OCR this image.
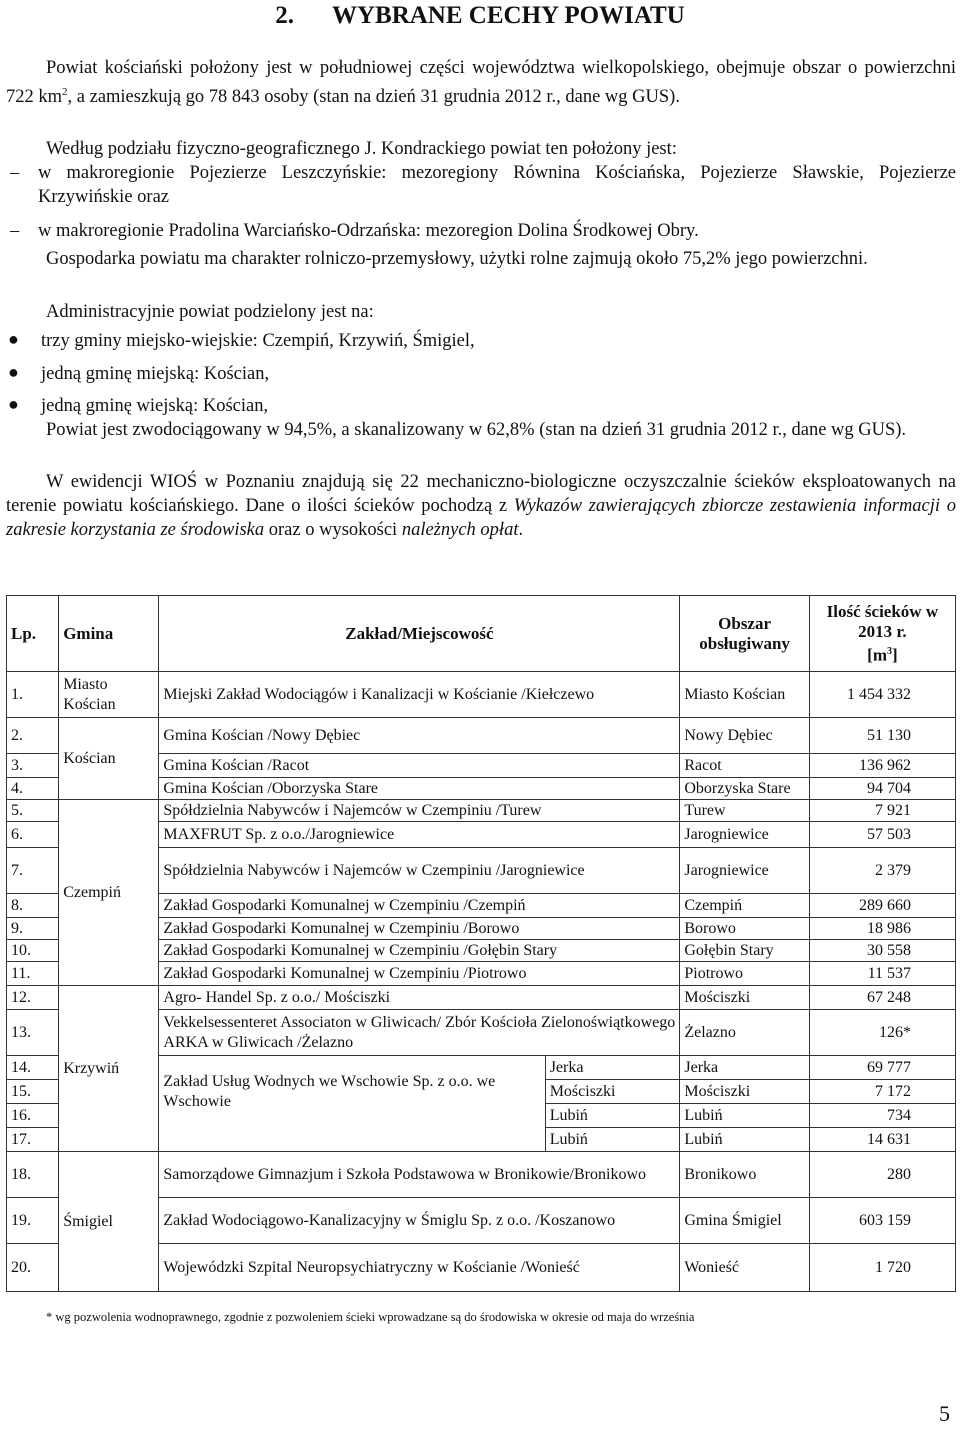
2. WYBRANE CECHY POWIATU
Powiat kościański położony jest w południowej części województwa wielkopolskiego, obejmuje obszar o powierzchni 722 $km^2$, a zamieszkują go 78 843 osoby (stan na dzień 31 grudnia 2012 r., dane wg GUS).
Według podziału fizyczno-geograficznego J. Kondrackiego powiat ten położony jest:
–	w makroregionie Pojezierze Leszczyńskie: mezoregiony Równina Kościańska, Pojezierze Sławskie, Pojezierze Krzywińskie oraz
–	w makroregionie Pradolina Warciańsko-Odrzańska: mezoregion Dolina Środkowej Obry.
Gospodarka powiatu ma charakter rolniczo-przemysłowy, użytki rolne zajmują około 75,2% jego powierzchni.
Administracyjnie powiat podzielony jest na:
● trzy gminy miejsko-wiejskie: Czempiń, Krzywiń, Śmigiel,
● jedną gminę miejską: Kościan,
● jedną gminę wiejską: Kościan,
Powiat jest zwodociągowany w 94,5%, a skanalizowany w 62,8% (stan na dzień 31 grudnia 2012 r., dane wg GUS).
W ewidencji WIOŚ w Poznaniu znajdują się 22 mechaniczno-biologiczne oczyszczalnie ścieków eksploatowanych na terenie powiatu kościańskiego. Dane o ilości ścieków pochodzą z Wykazów zawierających zbiorcze zestawienia informacji o zakresie korzystania ze środowiska oraz o wysokości należnych opłat.
Lp.	Gmina	Zakład/Miejscowość		Obszar obsługiwany	Ilość ścieków w 2013 r.
$[m^3]$
1.	Miasto Kościan	Miejski Zakład Wodociągów i Kanalizacji w Kościanie /Kiełczewo		Miasto Kościan	1 454 332
2.	Kościan	Gmina Kościan /Nowy Dębiec		Nowy Dębiec	51 130
3.		Gmina Kościan /Racot		Racot	136 962
4.		Gmina Kościan /Oborzyska Stare		Oborzyska Stare	94 704
5.	Czempiń	Spółdzielnia Nabywców i Najemców w Czempiniu /Turew		Turew	7 921
6.		MAXFRUT Sp. z o.o./Jarogniewice		Jarogniewice	57 503
7.		Spółdzielnia Nabywców i Najemców w Czempiniu /Jarogniewice		Jarogniewice	2 379
8.		Zakład Gospodarki Komunalnej w Czempiniu /Czempiń		Czempiń	289 660
9.		Zakład Gospodarki Komunalnej w Czempiniu /Borowo		Borowo	18 986
10.		Zakład Gospodarki Komunalnej w Czempiniu /Gołębin Stary		Gołębin Stary	30 558
11.		Zakład Gospodarki Komunalnej w Czempiniu /Piotrowo		Piotrowo	11 537
12.	Krzywiń	Agro- Handel Sp. z o.o./ Mościszki		Mościszki	67 248
13.		Vekkelsessenteret Associaton w Gliwicach/ Zbór Kościoła Zielonoświątkowego ARKA w Gliwicach /Żelazno		Żelazno	126*
14.		Zakład Usług Wodnych we Wschowie Sp. z o.o. we Wschowie	Jerka	Jerka	69 777
15.			Mościszki	Mościszki	7 172
16.			Lubiń	Lubiń	734
17.			Lubiń	Lubiń	14 631
18.	Śmigiel	Samorządowe Gimnazjum i Szkoła Podstawowa w Bronikowie/Bronikowo		Bronikowo	280
19.		Zakład Wodociągowo-Kanalizacyjny w Śmiglu Sp. z o.o. /Koszanowo		Gmina Śmigiel	603 159
20.		Wojewódzki Szpital Neuropsychiatryczny w Kościanie /Wonieść		Wonieść	1 720
* wg pozwolenia wodnoprawnego, zgodnie z pozwoleniem ścieki wprowadzane są do środowiska w okresie od maja do września
5
